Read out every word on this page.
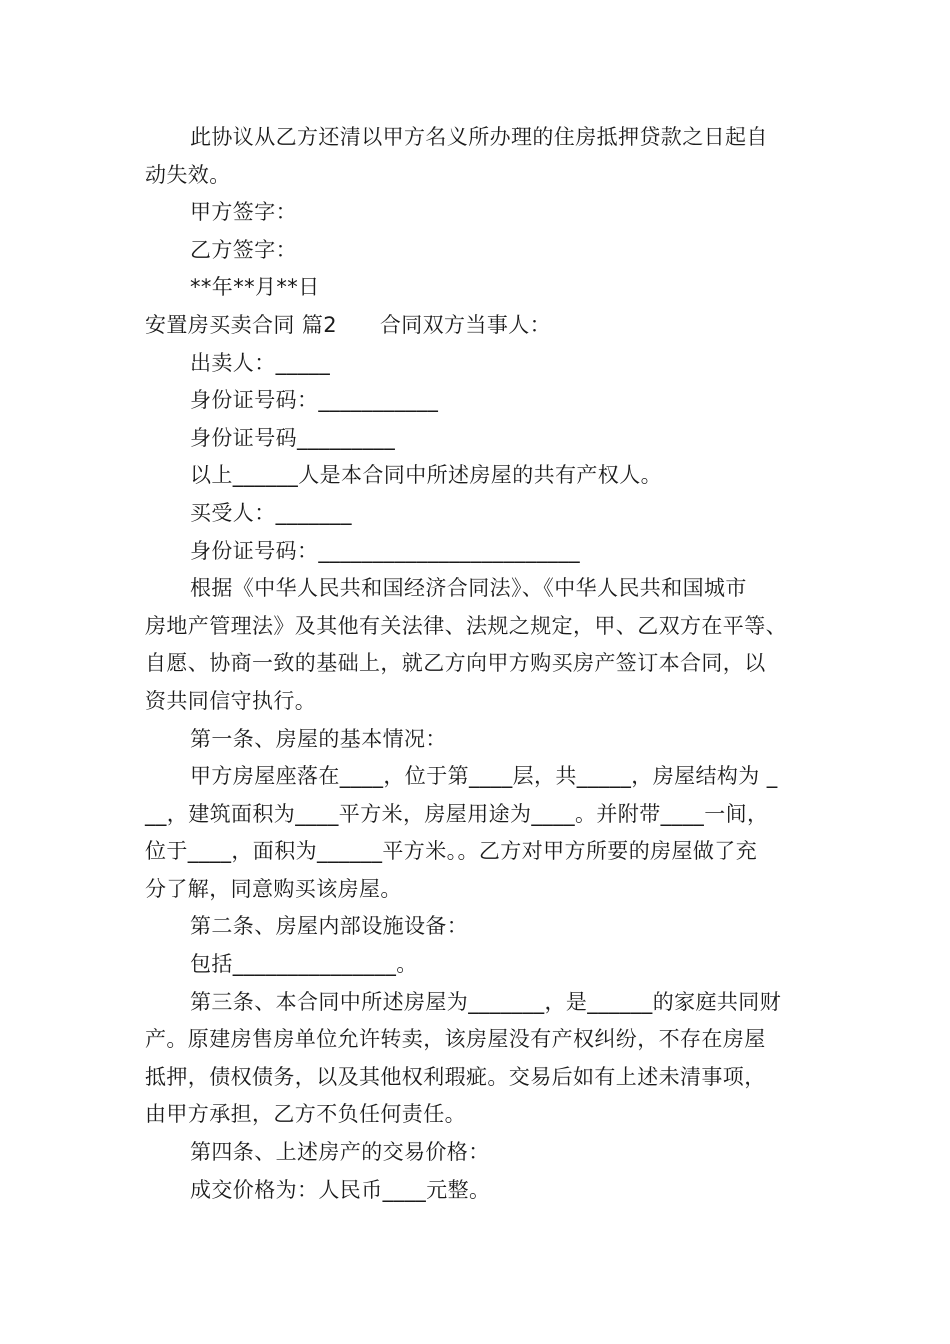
此协议从乙方还清以甲方名义所办理的住房抵押贷款之日起自
动失效。
甲方签字：
乙方签字：
**年**月**日
安置房买卖合同 篇2　　合同双方当事人：
出卖人：_____
身份证号码：___________
身份证号码_________
以上______人是本合同中所述房屋的共有产权人。
买受人：_______
身份证号码：________________________
根据《中华人民共和国经济合同法》、《中华人民共和国城市
房地产管理法》及其他有关法律、法规之规定，甲、乙双方在平等、
自愿、协商一致的基础上，就乙方向甲方购买房产签订本合同，以
资共同信守执行。
第一条、房屋的基本情况：
甲方房屋座落在____，位于第____层，共_____，房屋结构为 _
__，建筑面积为____平方米，房屋用途为____。并附带____一间，
位于____，面积为______平方米。。乙方对甲方所要的房屋做了充
分了解，同意购买该房屋。
第二条、房屋内部设施设备：
包括_______________。
第三条、本合同中所述房屋为_______，是______的家庭共同财
产。原建房售房单位允许转卖，该房屋没有产权纠纷，不存在房屋
抵押，债权债务，以及其他权利瑕疵。交易后如有上述未清事项，
由甲方承担，乙方不负任何责任。
第四条、上述房产的交易价格：
成交价格为：人民币____元整。
